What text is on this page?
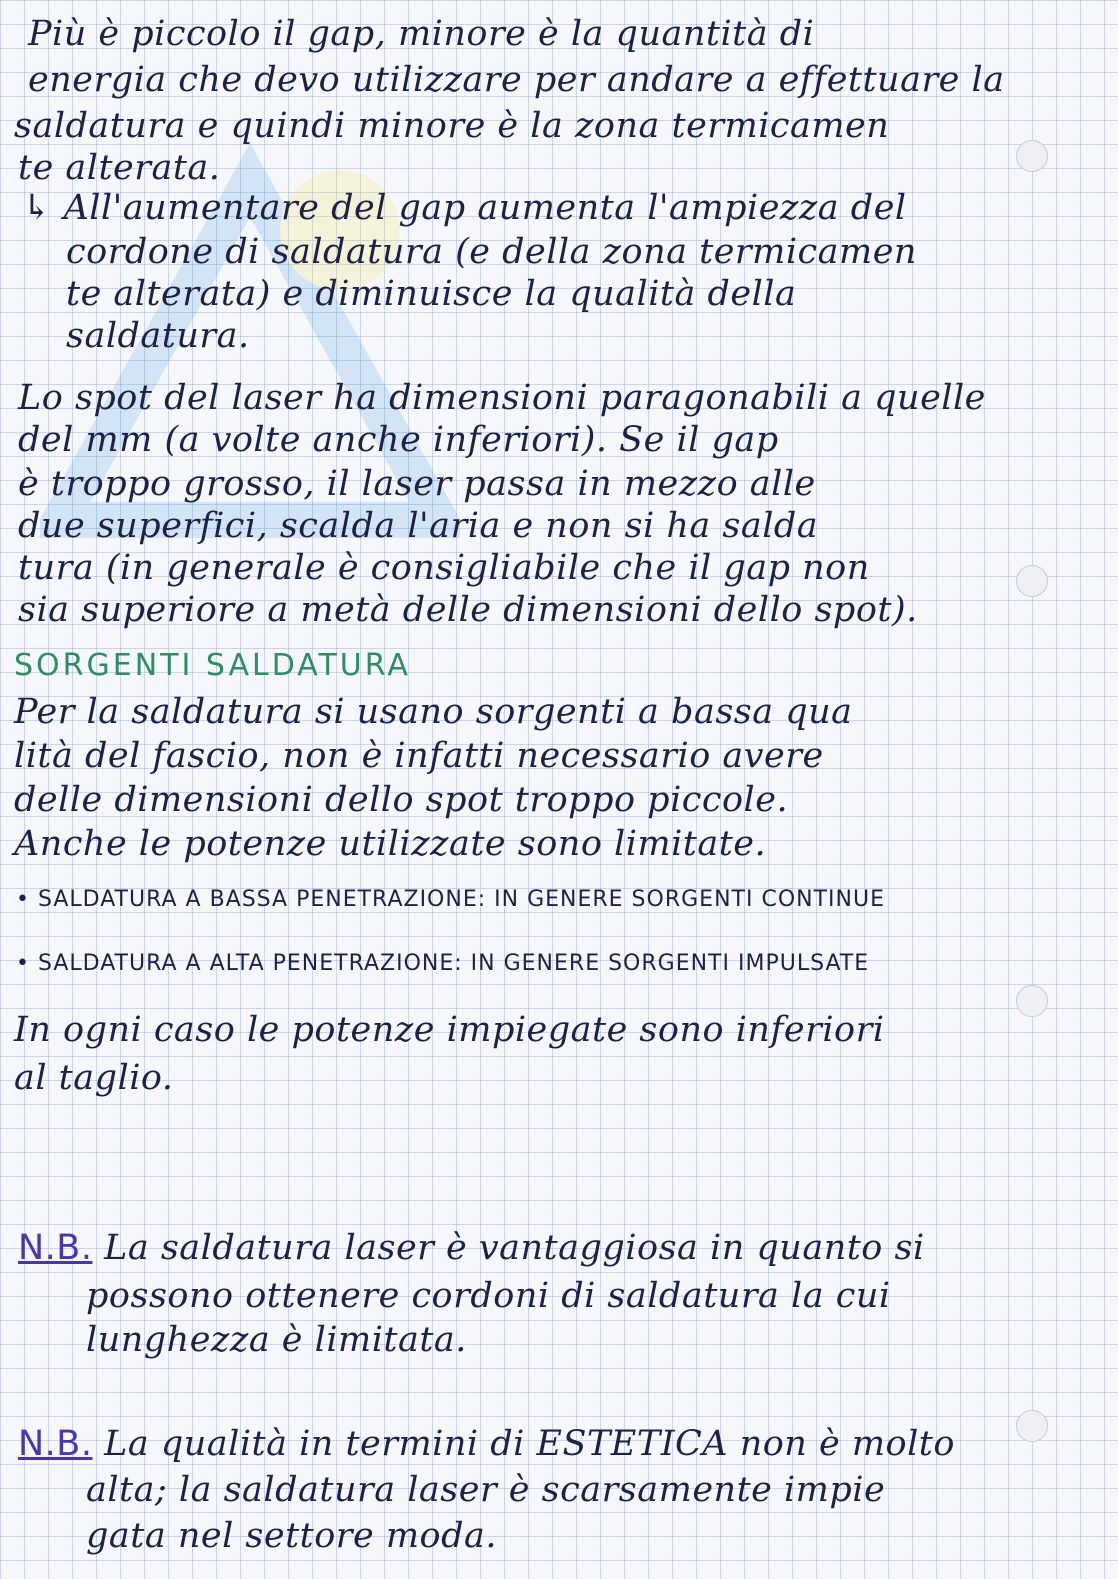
Più è piccolo il gap, minore è la quantità di
energia che devo utilizzare per andare a effettuare la
saldatura e quindi minore è la zona termicamen
te alterata.
↳ All'aumentare del gap aumenta l'ampiezza del
cordone di saldatura (e della zona termicamen
te alterata) e diminuisce la qualità della
saldatura.
Lo spot del laser ha dimensioni paragonabili a quelle
del mm (a volte anche inferiori). Se il gap
è troppo grosso, il laser passa in mezzo alle
due superfici, scalda l'aria e non si ha salda
tura (in generale è consigliabile che il gap non
sia superiore a metà delle dimensioni dello spot).
SORGENTI SALDATURA
Per la saldatura si usano sorgenti a bassa qua
lità del fascio, non è infatti necessario avere
delle dimensioni dello spot troppo piccole.
Anche le potenze utilizzate sono limitate.
• SALDATURA A BASSA PENETRAZIONE: IN GENERE SORGENTI CONTINUE
• SALDATURA A ALTA PENETRAZIONE: IN GENERE SORGENTI IMPULSATE
In ogni caso le potenze impiegate sono inferiori
al taglio.
N.B. La saldatura laser è vantaggiosa in quanto si
possono ottenere cordoni di saldatura la cui
lunghezza è limitata.
N.B. La qualità in termini di ESTETICA non è molto
alta; la saldatura laser è scarsamente impie
gata nel settore moda.
